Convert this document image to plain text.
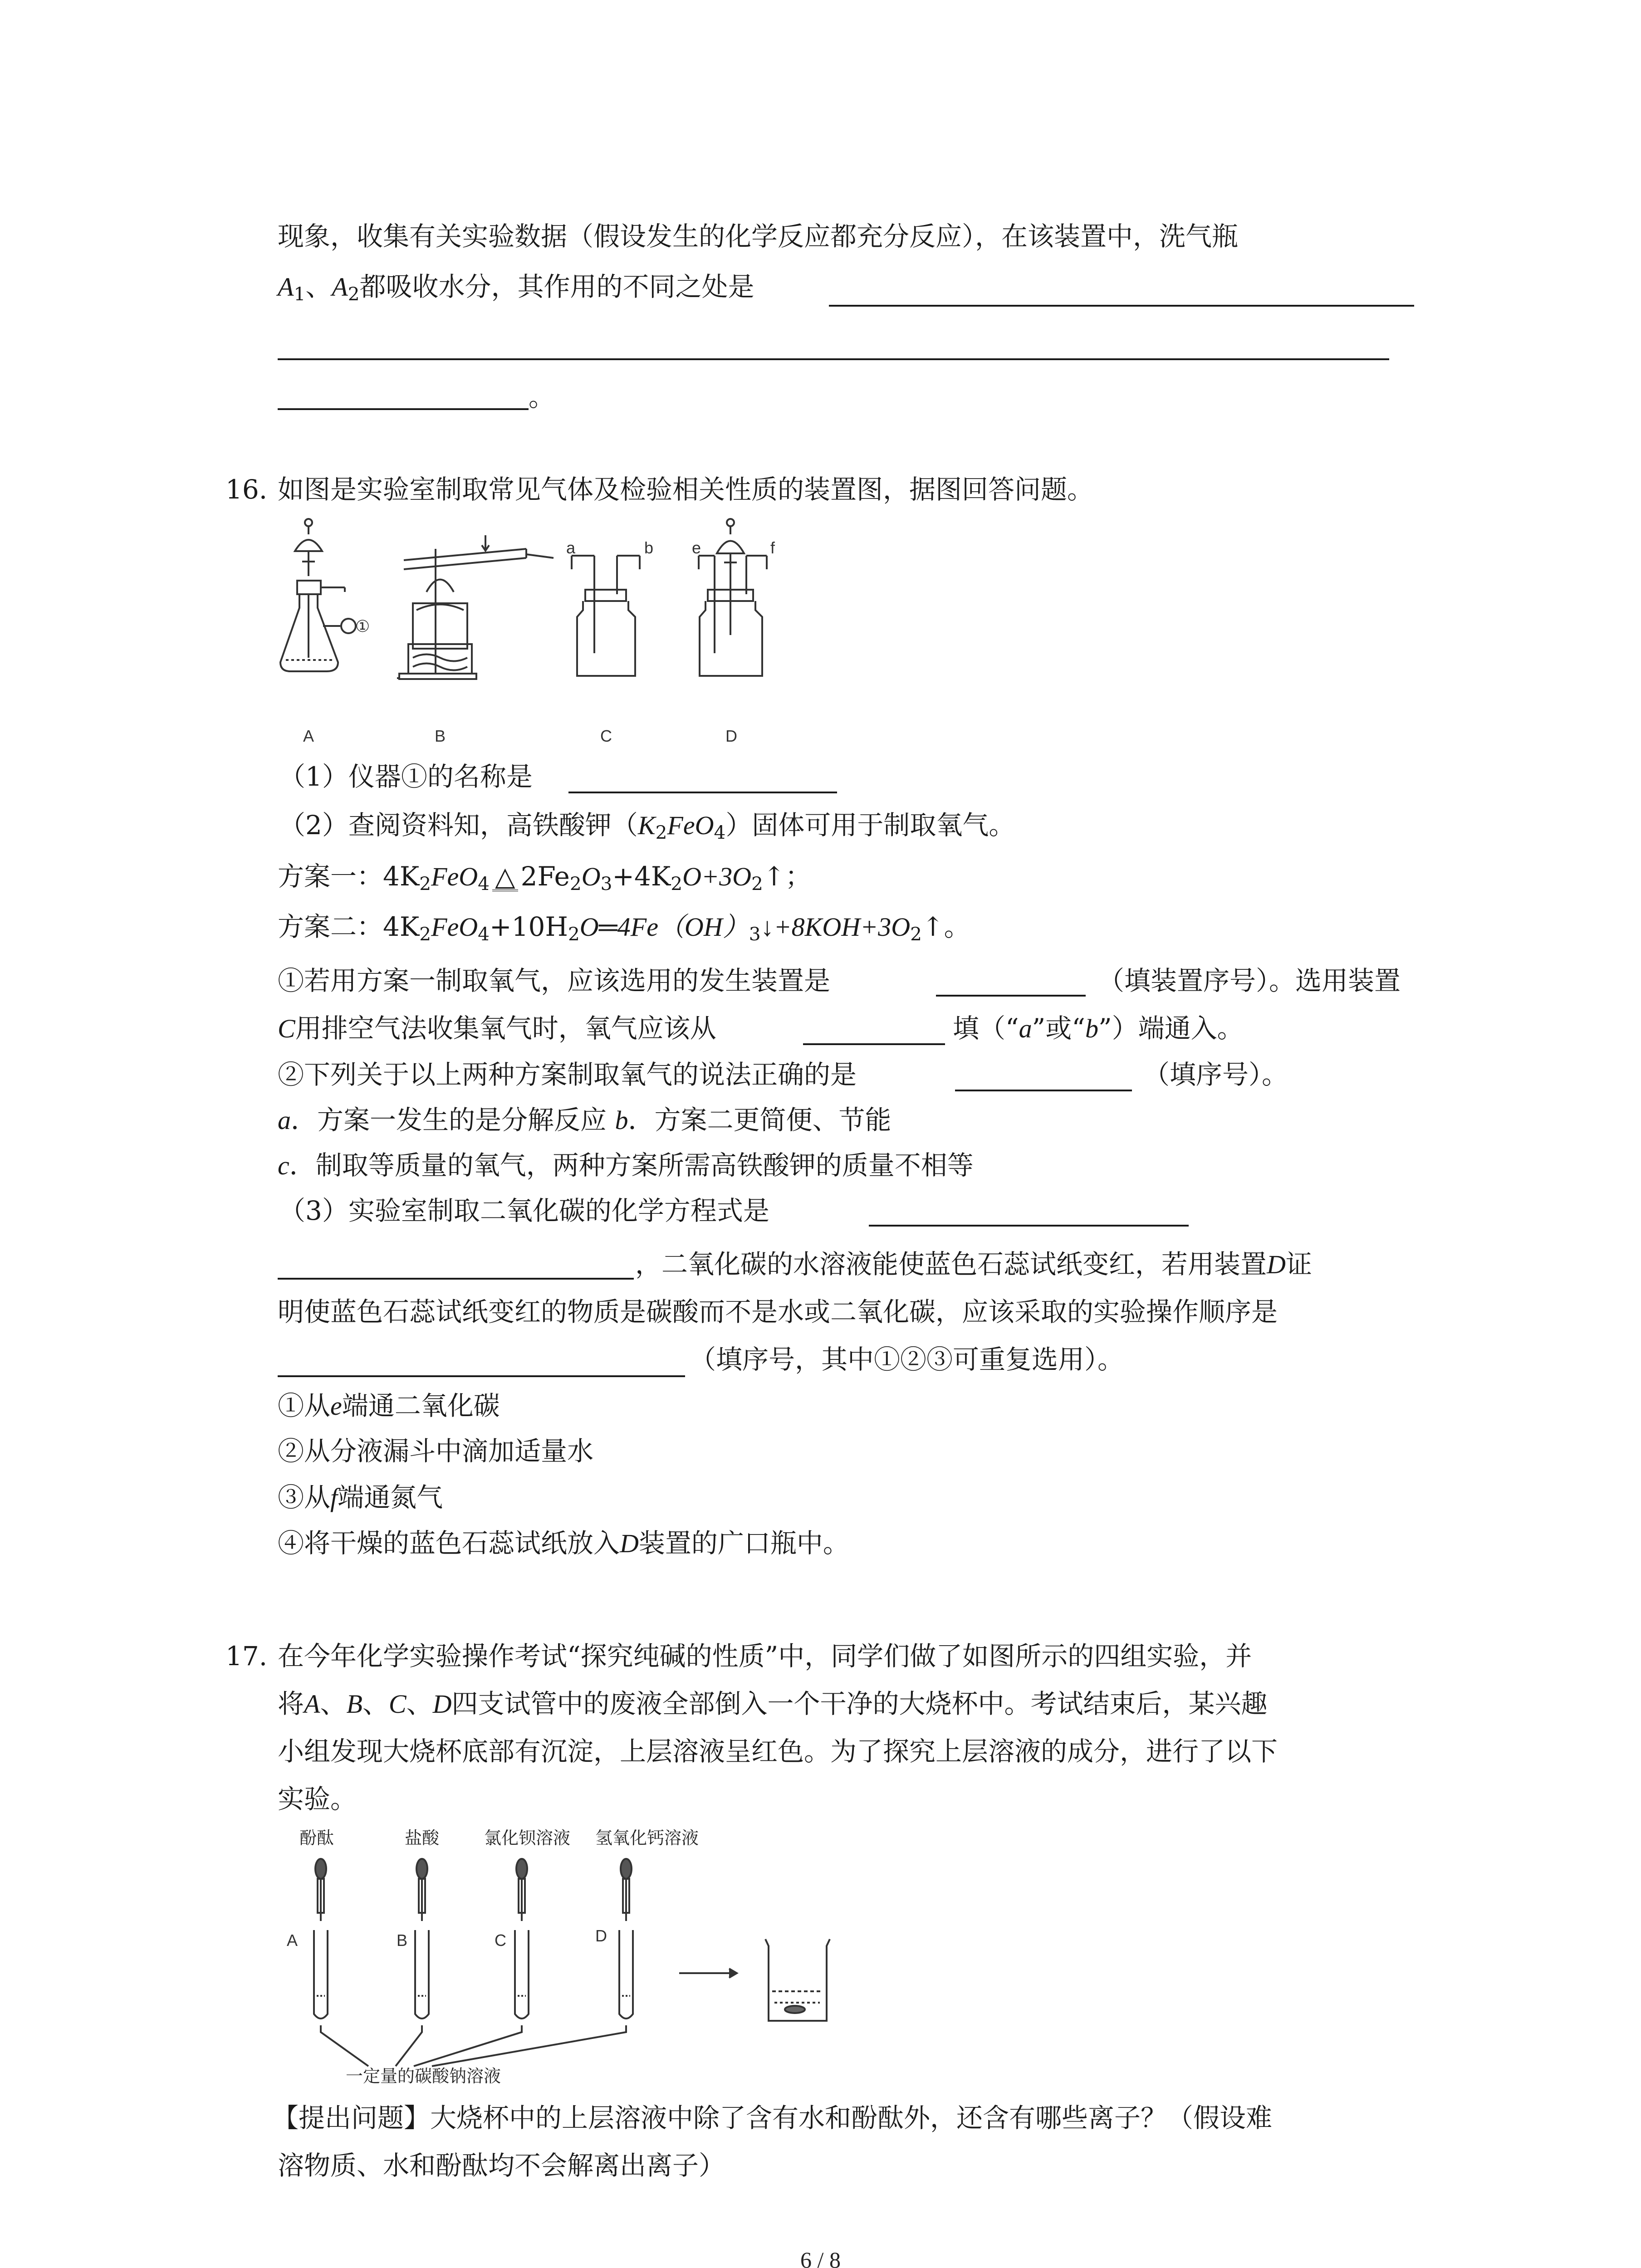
现象，收集有关实验数据（假设发生的化学反应都充分反应），在该装置中，洗气瓶
$A_1$、$A_2$都吸收水分，其作用的不同之处是
。
16. 如图是实验室制取常见气体及检验相关性质的装置图，据图回答问题。
①
a	b e	f
A	B	C	D
（1）仪器①的名称是
（2）查阅资料知，高铁酸钾$(K_2FeO_4)$固体可用于制取氧气。
方案一：$4K_2FeO_4$ △ $2Fe_2O_3+4K_2O+3O_2↑$；
方案二：$4K_2FeO_4+10H_2O═4Fe(OH)_3↓+8KOH+3O_2↑$。
①若用方案一制取氧气，应该选用的发生装置是	（填装置序号）。选用装置
C用排空气法收集氧气时，氧气应该从	填（“a”或“b”）端通入。
②下列关于以上两种方案制取氧气的说法正确的是	（填序号）。
a．方案一发生的是分解反应 b．方案二更简便、节能
c．制取等质量的氧气，两种方案所需高铁酸钾的质量不相等
（3）实验室制取二氧化碳的化学方程式是
，二氧化碳的水溶液能使蓝色石蕊试纸变红，若用装置D证
明使蓝色石蕊试纸变红的物质是碳酸而不是水或二氧化碳，应该采取的实验操作顺序是
（填序号，其中①②③可重复选用）。
①从e端通二氧化碳
②从分液漏斗中滴加适量水
③从f端通氮气
④将干燥的蓝色石蕊试纸放入D装置的广口瓶中。
17. 在今年化学实验操作考试“探究纯碱的性质”中，同学们做了如图所示的四组实验，并
将A、B、C、D四支试管中的废液全部倒入一个干净的大烧杯中。考试结束后，某兴趣
小组发现大烧杯底部有沉淀，上层溶液呈红色。为了探究上层溶液的成分，进行了以下
实验。
酚酞	盐酸	氯化钡溶液 氢氧化钙溶液
A	B	C	D
一定量的碳酸钠溶液
【提出问题】大烧杯中的上层溶液中除了含有水和酚酞外，还含有哪些离子？（假设难
溶物质、水和酚酞均不会解离出离子）
6 / 8
